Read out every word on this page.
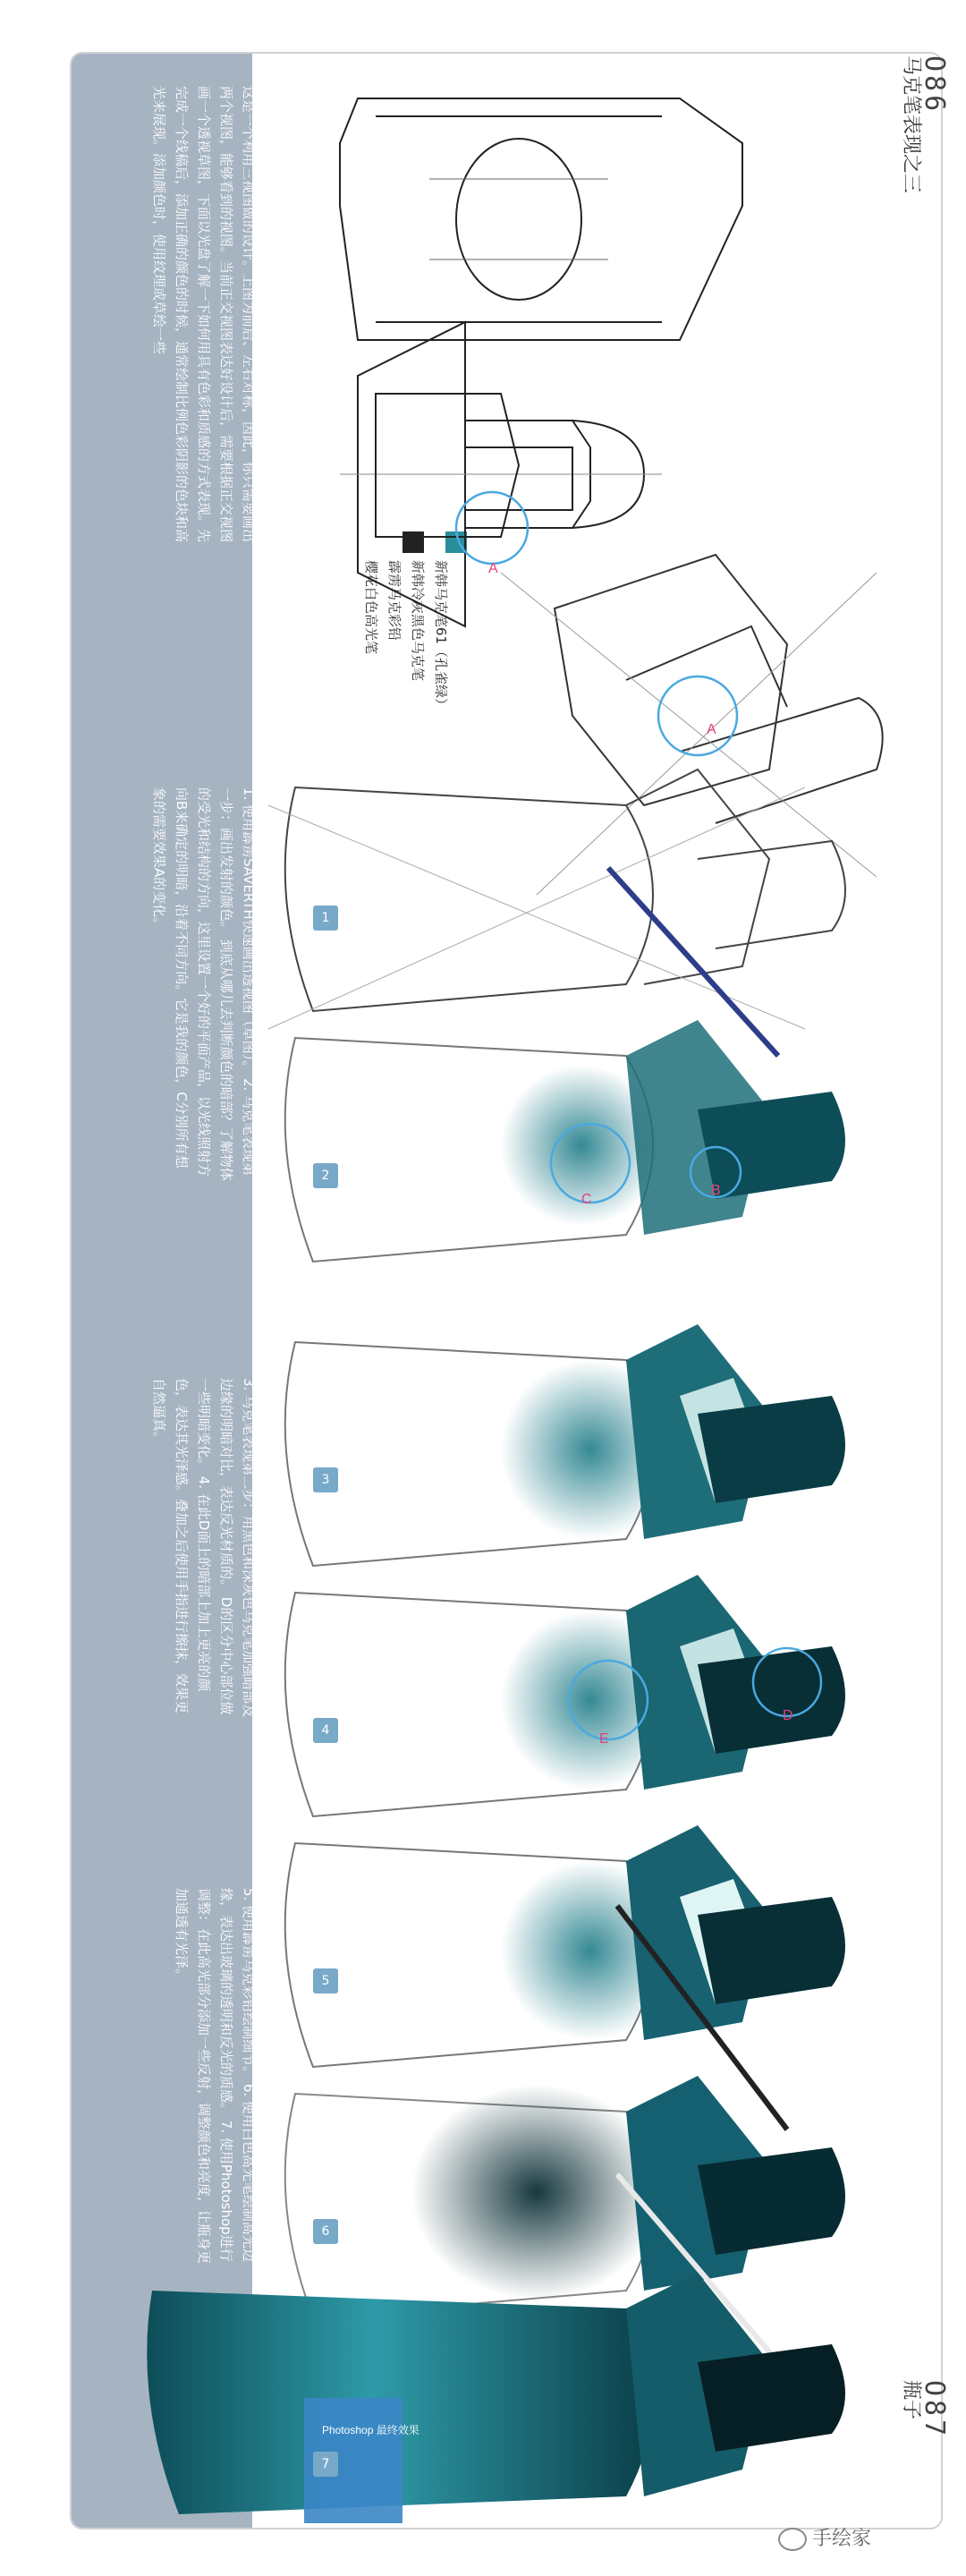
O86
马克笔表现之三
O87
瓶子
这是一个利用三视图做的设计。上图为前后、左右对称，因此，你只需要画出两个视图，能够看到的视图。当前正交视图表达好设计后，需要根据正交视图画一个透视草图，下面以光盘了解一下如何用具有色彩和质感的方式表现。先完成一个线稿后，添加正确的颜色的时候，通常绘制比例色彩阴影的色块和高光来展现。添加颜色时，使用纹理或草绘一些
1. 使用霹雳SAVERTH快速画出透视图（草图）。 2. 马克笔表现第一步：画出发射的颜色。 到底从哪儿去判断颜色的暗部？了解物体的受光和结构的方向，这里设置一个好的平面产品，以光线照射方向B来确定的明暗，沿着不同方向。它是我的颜色，C分别所有想象的需要效果A的变化。
3. 马克笔表现第二步：用黑色和深灰色马克笔加强暗部及边缘的明暗对比，表达反光材质的。 D的区分中心部位做一些明暗变化。 4. 在此D面上的暗部上加上更亮的颜色，表达其光泽感。叠加之后使用手指进行擦抹，效果更自然逼真。
5. 使用霹雳马克彩铅绘制细节。 6. 使用白色高光笔绘制高光边缘，表达出玻璃的透明和反光的质感。 7. 使用Photoshop进行调整：在此高光部分添加一些反射，调整颜色和亮度，让瓶身更加通透有光泽。
新韩马克笔61（孔雀绿）
新韩冷灰黑色马克笔
霹雳马克彩铅
樱花白色高光笔	A
A
C
B
E
D
Photoshop 最终效果
1
2
3
4
5
6
7
手绘家
